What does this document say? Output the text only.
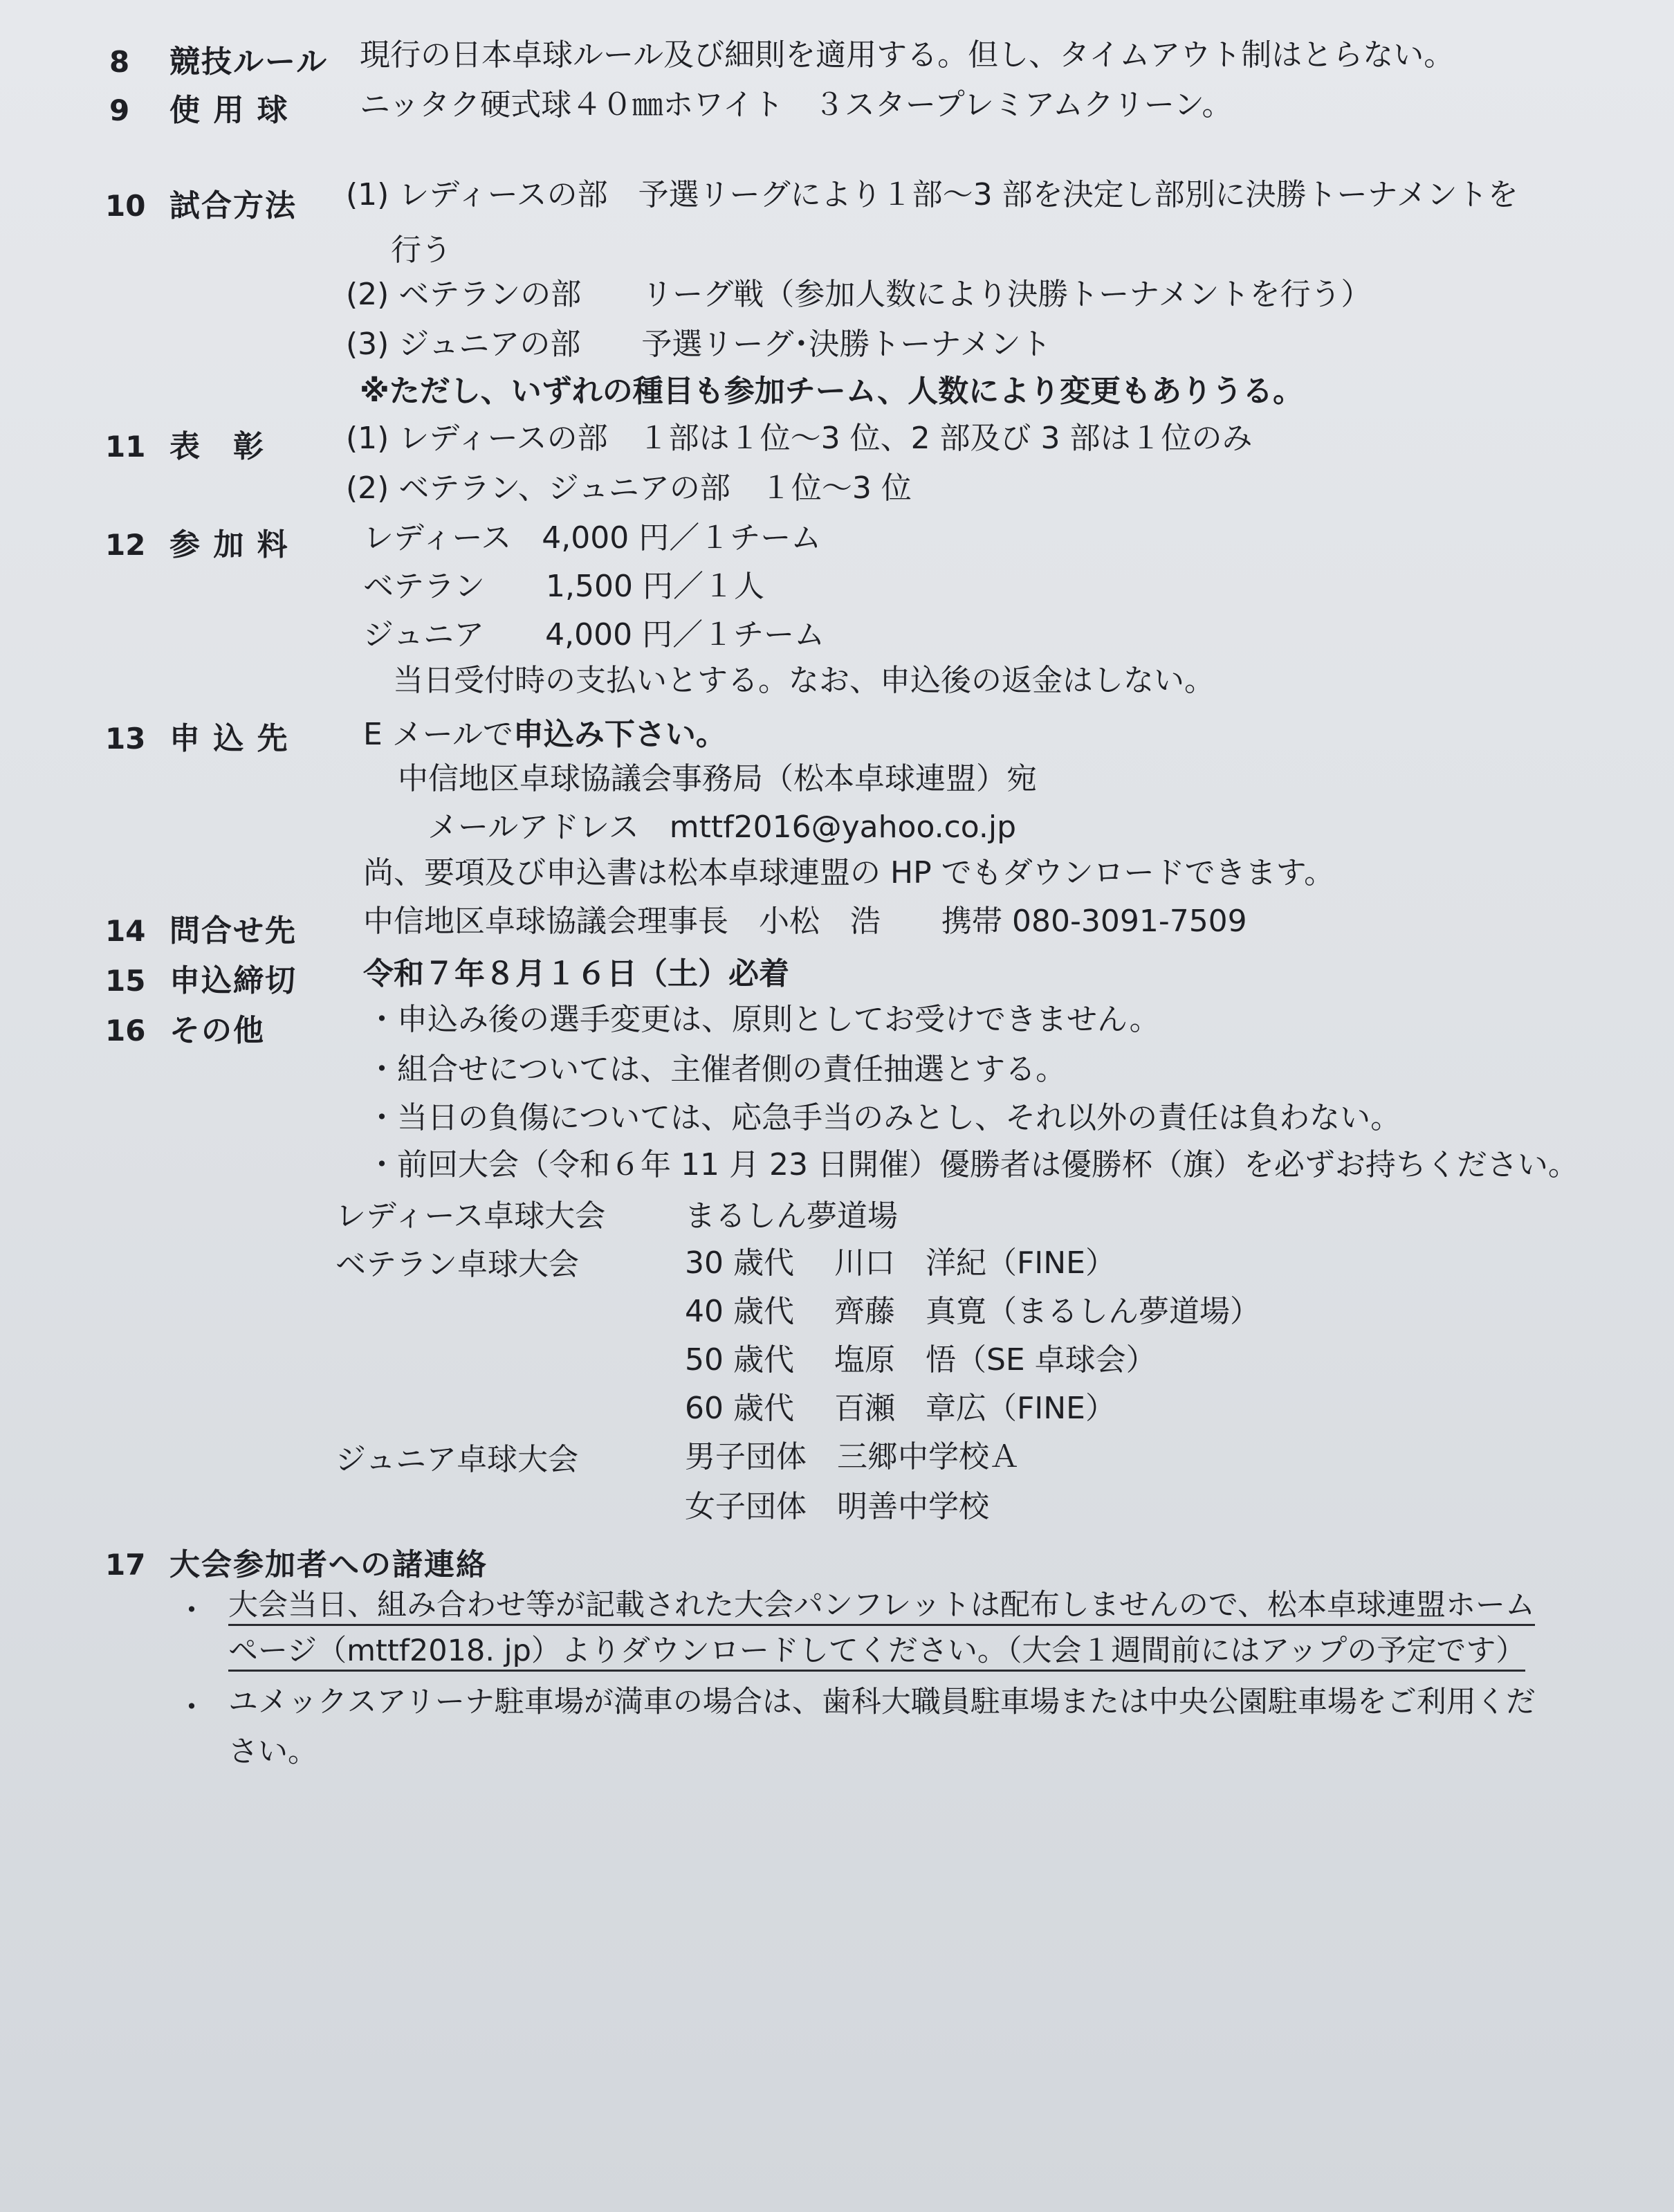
8 競技ルール 現行の日本卓球ルール及び細則を適用する。但し、タイムアウト制はとらない。
9 使 用 球 ニッタク硬式球４０㎜ホワイト　３スタープレミアムクリーン。
10 試合方法 (1) レディースの部　予選リーグにより１部〜3 部を決定し部別に決勝トーナメントを
行う
(2) ベテランの部　　リーグ戦（参加人数により決勝トーナメントを行う）
(3) ジュニアの部　　予選リーグ･決勝トーナメント
※ただし、いずれの種目も参加チーム、人数により変更もありうる。
11 表　彰	(1) レディースの部　１部は１位〜3 位、2 部及び 3 部は１位のみ
(2) ベテラン、ジュニアの部　１位〜3 位
12 参 加 料 レディース　4,000 円／１チーム
ベテラン　　1,500 円／１人
ジュニア　　4,000 円／１チーム
当日受付時の支払いとする。なお、申込後の返金はしない。
13 申 込 先 E メールで申込み下さい。
中信地区卓球協議会事務局（松本卓球連盟）宛
メールアドレス　mttf2016@yahoo.co.jp
尚、要項及び申込書は松本卓球連盟の HP でもダウンロードできます。
14 問合せ先 中信地区卓球協議会理事長　小松　浩　　携帯 080-3091-7509
15 申込締切 令和７年８月１６日（土）必着
16 その他	・申込み後の選手変更は、原則としてお受けできません。
・組合せについては、主催者側の責任抽選とする。
・当日の負傷については、応急手当のみとし、それ以外の責任は負わない。
・前回大会（令和６年 11 月 23 日開催）優勝者は優勝杯（旗）を必ずお持ちください。
レディース卓球大会	まるしん夢道場
ベテラン卓球大会	30 歳代　 川口　洋紀（FINE）
40 歳代　 齊藤　真寛（まるしん夢道場）
50 歳代　 塩原　悟（SE 卓球会）
60 歳代　 百瀬　章広（FINE）
ジュニア卓球大会	男子団体　三郷中学校Ａ
女子団体　明善中学校
17 大会参加者への諸連絡
・ 大会当日、組み合わせ等が記載された大会パンフレットは配布しませんので、松本卓球連盟ホーム
ページ（mttf2018. jp）よりダウンロードしてください。（大会１週間前にはアップの予定です）
・ ユメックスアリーナ駐車場が満車の場合は、歯科大職員駐車場または中央公園駐車場をご利用くだ
さい。
